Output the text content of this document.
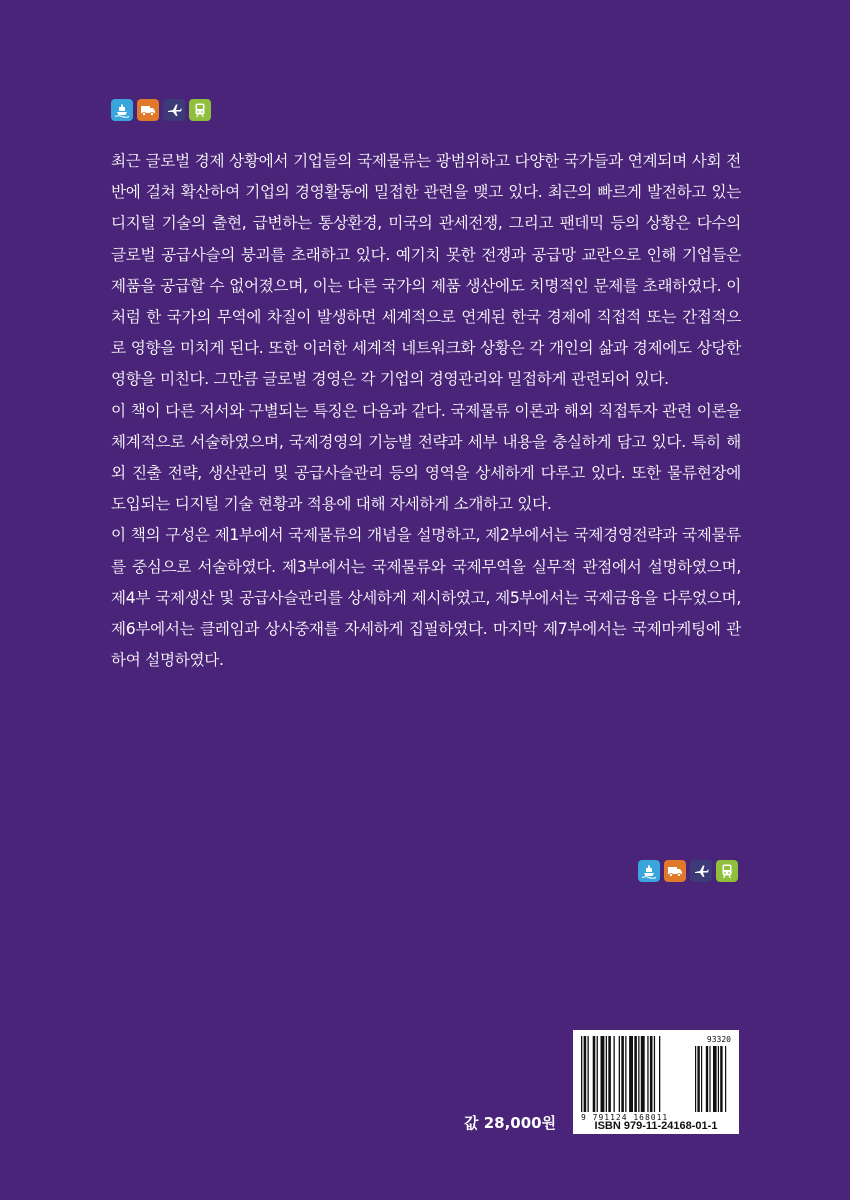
최근 글로벌 경제 상황에서 기업들의 국제물류는 광범위하고 다양한 국가들과 연계되며 사회 전반에 걸쳐 확산하여 기업의 경영활동에 밀접한 관련을 맺고 있다. 최근의 빠르게 발전하고 있는 디지털 기술의 출현, 급변하는 통상환경, 미국의 관세전쟁, 그리고 팬데믹 등의 상황은 다수의 글로벌 공급사슬의 붕괴를 초래하고 있다. 예기치 못한 전쟁과 공급망 교란으로 인해 기업들은 제품을 공급할 수 없어졌으며, 이는 다른 국가의 제품 생산에도 치명적인 문제를 초래하였다. 이처럼 한 국가의 무역에 차질이 발생하면 세계적으로 연계된 한국 경제에 직접적 또는 간접적으로 영향을 미치게 된다. 또한 이러한 세계적 네트워크화 상황은 각 개인의 삶과 경제에도 상당한 영향을 미친다. 그만큼 글로벌 경영은 각 기업의 경영관리와 밀접하게 관련되어 있다.

이 책이 다른 저서와 구별되는 특징은 다음과 같다. 국제물류 이론과 해외 직접투자 관련 이론을 체계적으로 서술하였으며, 국제경영의 기능별 전략과 세부 내용을 충실하게 담고 있다. 특히 해외 진출 전략, 생산관리 및 공급사슬관리 등의 영역을 상세하게 다루고 있다. 또한 물류현장에 도입되는 디지털 기술 현황과 적용에 대해 자세하게 소개하고 있다.

이 책의 구성은 제1부에서 국제물류의 개념을 설명하고, 제2부에서는 국제경영전략과 국제물류를 중심으로 서술하였다. 제3부에서는 국제물류와 국제무역을 실무적 관점에서 설명하였으며, 제4부 국제생산 및 공급사슬관리를 상세하게 제시하였고, 제5부에서는 국제금융을 다루었으며, 제6부에서는 클레임과 상사중재를 자세하게 집필하였다. 마지막 제7부에서는 국제마케팅에 관하여 설명하였다.

93320
9 791124 168011
ISBN 979-11-24168-01-1
값 28,000원
